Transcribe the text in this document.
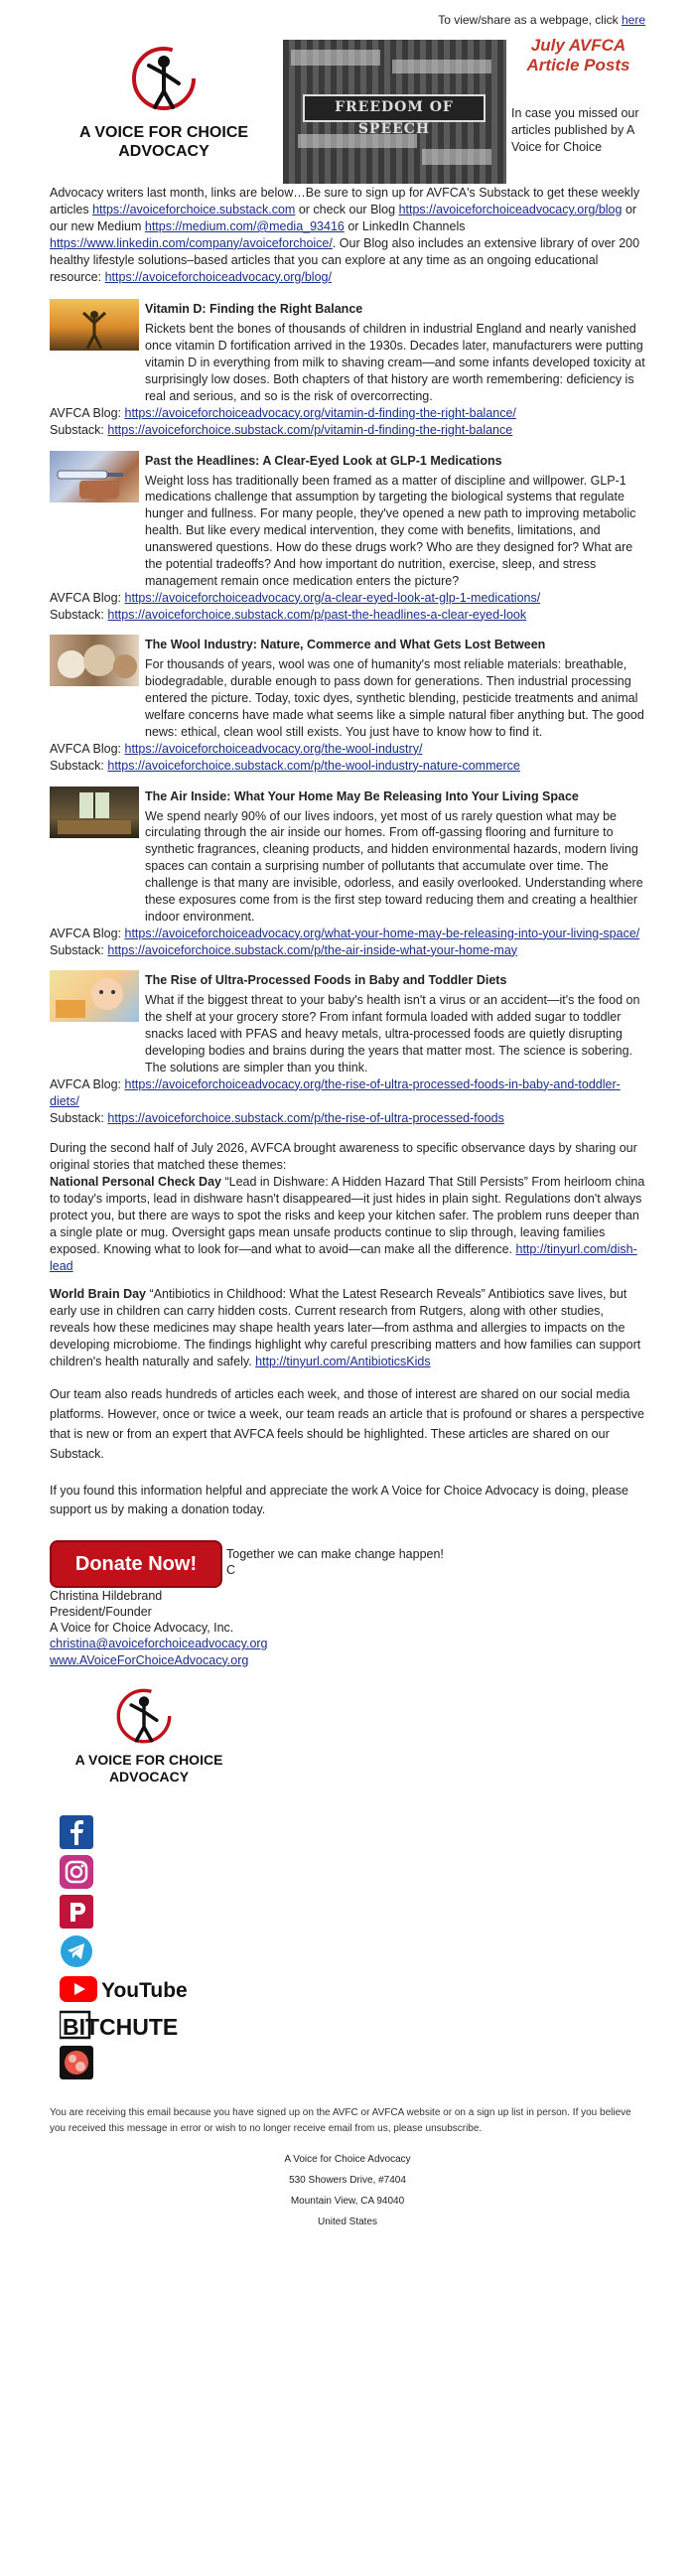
To view/share as a webpage, click here
A VOICE FOR CHOICE
ADVOCACY
FREEDOM OF SPEECH
July AVFCA Article Posts
In case you missed our articles published by A Voice for Choice
Advocacy writers last month, links are below…Be sure to sign up for AVFCA's Substack to get these weekly articles https://avoiceforchoice.substack.com or check our Blog https://avoiceforchoiceadvocacy.org/blog or our new Medium https://medium.com/@media_93416 or LinkedIn Channels https://www.linkedin.com/company/avoiceforchoice/. Our Blog also includes an extensive library of over 200 healthy lifestyle solutions–based articles that you can explore at any time as an ongoing educational resource: https://avoiceforchoiceadvocacy.org/blog/
Vitamin D: Finding the Right Balance
Rickets bent the bones of thousands of children in industrial England and nearly vanished once vitamin D fortification arrived in the 1930s. Decades later, manufacturers were putting vitamin D in everything from milk to shaving cream—and some infants developed toxicity at surprisingly low doses. Both chapters of that history are worth remembering: deficiency is real and serious, and so is the risk of overcorrecting.
AVFCA Blog: https://avoiceforchoiceadvocacy.org/vitamin-d-finding-the-right-balance/
Substack: https://avoiceforchoice.substack.com/p/vitamin-d-finding-the-right-balance
Past the Headlines: A Clear-Eyed Look at GLP-1 Medications
Weight loss has traditionally been framed as a matter of discipline and willpower. GLP-1 medications challenge that assumption by targeting the biological systems that regulate hunger and fullness. For many people, they've opened a new path to improving metabolic health. But like every medical intervention, they come with benefits, limitations, and unanswered questions. How do these drugs work? Who are they designed for? What are the potential tradeoffs? And how important do nutrition, exercise, sleep, and stress management remain once medication enters the picture?
AVFCA Blog: https://avoiceforchoiceadvocacy.org/a-clear-eyed-look-at-glp-1-medications/
Substack: https://avoiceforchoice.substack.com/p/past-the-headlines-a-clear-eyed-look
The Wool Industry: Nature, Commerce and What Gets Lost Between
For thousands of years, wool was one of humanity's most reliable materials: breathable, biodegradable, durable enough to pass down for generations. Then industrial processing entered the picture. Today, toxic dyes, synthetic blending, pesticide treatments and animal welfare concerns have made what seems like a simple natural fiber anything but. The good news: ethical, clean wool still exists. You just have to know how to find it.
AVFCA Blog: https://avoiceforchoiceadvocacy.org/the-wool-industry/
Substack: https://avoiceforchoice.substack.com/p/the-wool-industry-nature-commerce
The Air Inside: What Your Home May Be Releasing Into Your Living Space
We spend nearly 90% of our lives indoors, yet most of us rarely question what may be circulating through the air inside our homes. From off-gassing flooring and furniture to synthetic fragrances, cleaning products, and hidden environmental hazards, modern living spaces can contain a surprising number of pollutants that accumulate over time. The challenge is that many are invisible, odorless, and easily overlooked. Understanding where these exposures come from is the first step toward reducing them and creating a healthier indoor environment.
AVFCA Blog: https://avoiceforchoiceadvocacy.org/what-your-home-may-be-releasing-into-your-living-space/
Substack: https://avoiceforchoice.substack.com/p/the-air-inside-what-your-home-may
The Rise of Ultra-Processed Foods in Baby and Toddler Diets
What if the biggest threat to your baby's health isn't a virus or an accident—it's the food on the shelf at your grocery store? From infant formula loaded with added sugar to toddler snacks laced with PFAS and heavy metals, ultra-processed foods are quietly disrupting developing bodies and brains during the years that matter most. The science is sobering. The solutions are simpler than you think.
AVFCA Blog: https://avoiceforchoiceadvocacy.org/the-rise-of-ultra-processed-foods-in-baby-and-toddler-diets/
Substack: https://avoiceforchoice.substack.com/p/the-rise-of-ultra-processed-foods
During the second half of July 2026, AVFCA brought awareness to specific observance days by sharing our original stories that matched these themes:
National Personal Check Day “Lead in Dishware: A Hidden Hazard That Still Persists” From heirloom china to today's imports, lead in dishware hasn't disappeared—it just hides in plain sight. Regulations don't always protect you, but there are ways to spot the risks and keep your kitchen safer. The problem runs deeper than a single plate or mug. Oversight gaps mean unsafe products continue to slip through, leaving families exposed. Knowing what to look for—and what to avoid—can make all the difference. http://tinyurl.com/dish-lead
World Brain Day “Antibiotics in Childhood: What the Latest Research Reveals” Antibiotics save lives, but early use in children can carry hidden costs. Current research from Rutgers, along with other studies, reveals how these medicines may shape health years later—from asthma and allergies to impacts on the developing microbiome. The findings highlight why careful prescribing matters and how families can support children's health naturally and safely. http://tinyurl.com/AntibioticsKids
Our team also reads hundreds of articles each week, and those of interest are shared on our social media platforms. However, once or twice a week, our team reads an article that is profound or shares a perspective that is new or from an expert that AVFCA feels should be highlighted. These articles are shared on our Substack.
If you found this information helpful and appreciate the work A Voice for Choice Advocacy is doing, please support us by making a donation today.
Donate Now!	Together we can make change happen!
C
Christina Hildebrand
President/Founder
A Voice for Choice Advocacy, Inc.
christina@avoiceforchoiceadvocacy.org
www.AVoiceForChoiceAdvocacy.org
A VOICE FOR CHOICE
ADVOCACY
YouTube
BITCHUTE
You are receiving this email because you have signed up on the AVFC or AVFCA website or on a sign up list in person. If you believe you received this message in error or wish to no longer receive email from us, please unsubscribe.
A Voice for Choice Advocacy
530 Showers Drive, #7404
Mountain View, CA 94040
United States
